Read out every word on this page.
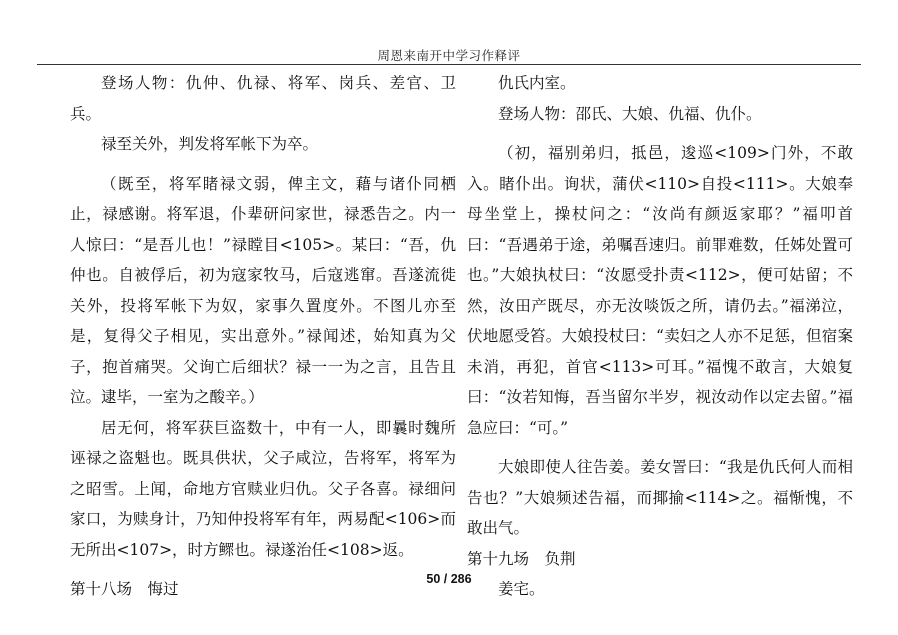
周恩来南开中学习作释评

登场人物：仇仲、仇禄、将军、岗兵、差官、卫兵。

禄至关外，判发将军帐下为卒。

（既至，将军睹禄文弱，俾主文，藉与诸仆同栖止，禄感谢。将军退，仆辈研问家世，禄悉告之。内一人惊曰：“是吾儿也！”禄瞠目<105>。某曰：“吾，仇仲也。自被俘后，初为寇家牧马，后寇逃窜。吾遂流徙关外，投将军帐下为奴，家事久置度外。不图儿亦至是，复得父子相见，实出意外。”禄闻述，始知真为父子，抱首痛哭。父询亡后细状？禄一一为之言，且告且泣。逮毕，一室为之酸辛。）

居无何，将军获巨盗数十，中有一人，即曩时魏所诬禄之盗魁也。既具供状，父子咸泣，告将军，将军为之昭雪。上闻，命地方官赎业归仇。父子各喜。禄细问家口，为赎身计，乃知仲投将军有年，两易配<106>而无所出<107>，时方鳏也。禄遂治任<108>返。

第十八场　悔过

仇氏内室。

登场人物：邵氏、大娘、仇福、仇仆。

（初，福别弟归，抵邑，逡巡<109>门外，不敢入。睹仆出。询状，蒲伏<110>自投<111>。大娘奉母坐堂上，操杖问之：“汝尚有颜返家耶？”福叩首曰：“吾遇弟于途，弟嘱吾速归。前罪难数，任姊处置可也。”大娘执杖曰：“汝愿受扑责<112>，便可姑留；不然，汝田产既尽，亦无汝啖饭之所，请仍去。”福涕泣，伏地愿受笞。大娘投杖曰：“卖妇之人亦不足惩，但宿案未消，再犯，首官<113>可耳。”福愧不敢言，大娘复曰：“汝若知悔，吾当留尔半岁，视汝动作以定去留。”福急应曰：“可。”

大娘即使人往告姜。姜女詈曰：“我是仇氏何人而相告也？”大娘频述告福，而揶揄<114>之。福惭愧，不敢出气。

第十九场　负荆

姜宅。

50 / 286
